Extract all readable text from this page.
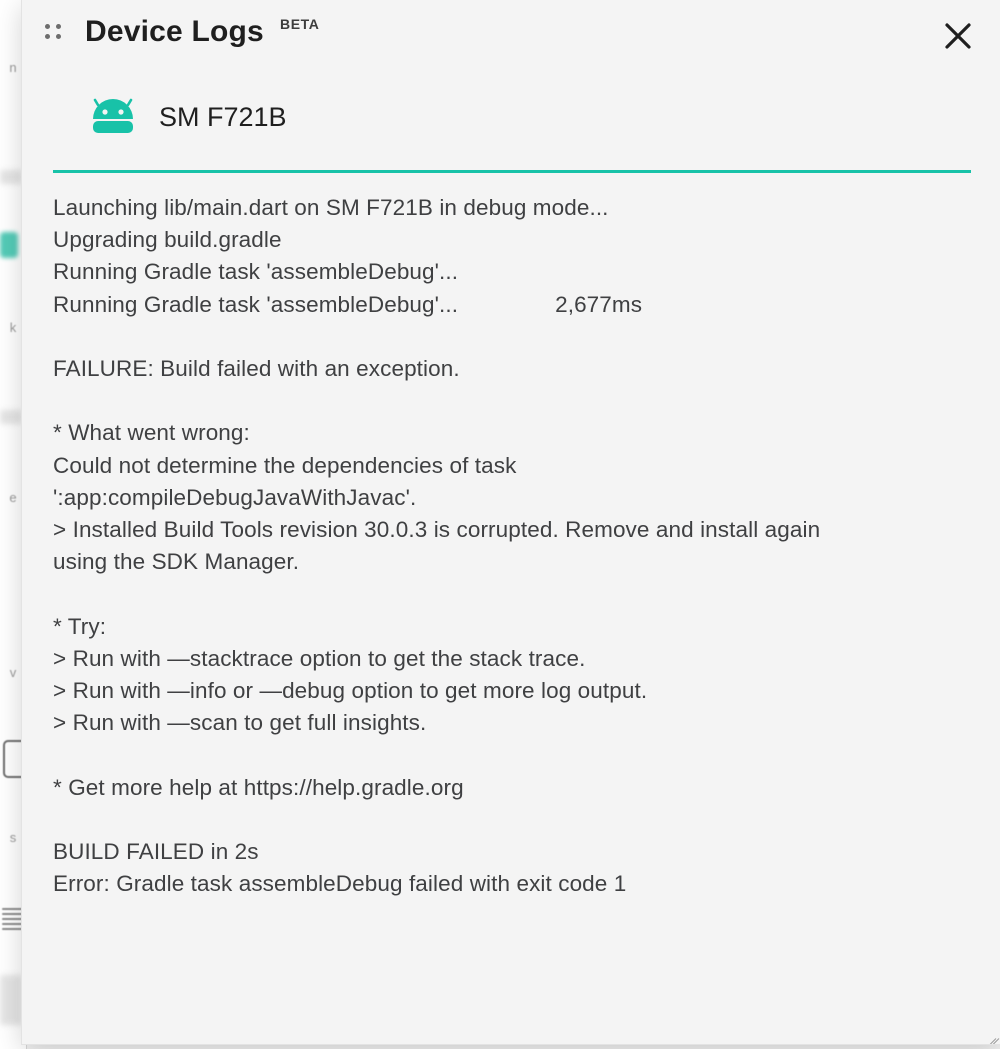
n
k
e
v
s
Device Logs BETA
SM F721B
Launching lib/main.dart on SM F721B in debug mode...
Upgrading build.gradle
Running Gradle task 'assembleDebug'...
Running Gradle task 'assembleDebug'...	2,677ms
FAILURE: Build failed with an exception.
* What went wrong:
Could not determine the dependencies of task
':app:compileDebugJavaWithJavac'.
> Installed Build Tools revision 30.0.3 is corrupted. Remove and install again
using the SDK Manager.
* Try:
> Run with —stacktrace option to get the stack trace.
> Run with —info or —debug option to get more log output.
> Run with —scan to get full insights.
* Get more help at https://help.gradle.org
BUILD FAILED in 2s
Error: Gradle task assembleDebug failed with exit code 1
